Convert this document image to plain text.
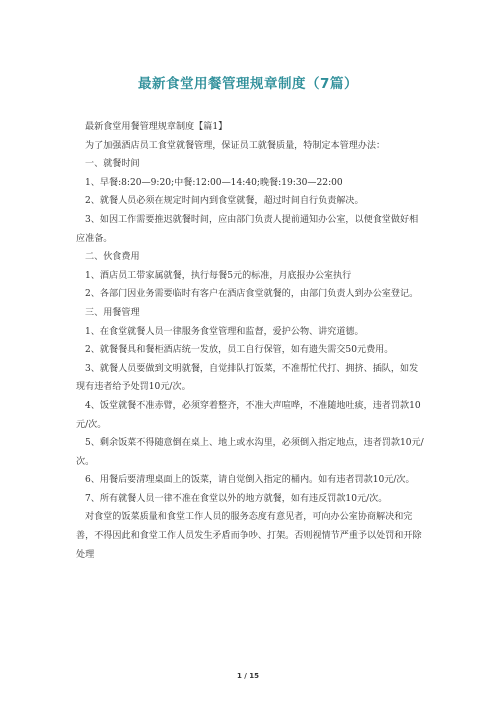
最新食堂用餐管理规章制度（7篇）

最新食堂用餐管理规章制度【篇1】

为了加强酒店员工食堂就餐管理，保证员工就餐质量，特制定本管理办法：

一、就餐时间

1、早餐:8:20—9:20;中餐:12:00—14:40;晚餐:19:30—22:00

2、就餐人员必须在规定时间内到食堂就餐，超过时间自行负责解决。

3、如因工作需要推迟就餐时间，应由部门负责人提前通知办公室，以便食堂做好相应准备。

二、伙食费用

1、酒店员工带家属就餐，执行每餐5元的标准，月底报办公室执行

2、各部门因业务需要临时有客户在酒店食堂就餐的，由部门负责人到办公室登记。

三、用餐管理

1、在食堂就餐人员一律服务食堂管理和监督，爱护公物、讲究道德。

2、就餐餐具和餐柜酒店统一发放，员工自行保管，如有遗失需交50元费用。

3、就餐人员要做到文明就餐，自觉排队打饭菜，不准帮忙代打、拥挤、插队，如发现有违者给予处罚10元/次。

4、饭堂就餐不准赤臂，必须穿着整齐，不准大声喧哗，不准随地吐痰，违者罚款10元/次。

5、剩余饭菜不得随意倒在桌上、地上或水沟里，必须倒入指定地点，违者罚款10元/次。

6、用餐后要清理桌面上的饭菜，请自觉倒入指定的桶内。如有违者罚款10元/次。

7、所有就餐人员一律不准在食堂以外的地方就餐，如有违反罚款10元/次。

对食堂的饭菜质量和食堂工作人员的服务态度有意见者，可向办公室协商解决和完善，不得因此和食堂工作人员发生矛盾而争吵、打架。否则视情节严重予以处罚和开除处理

1 / 15
